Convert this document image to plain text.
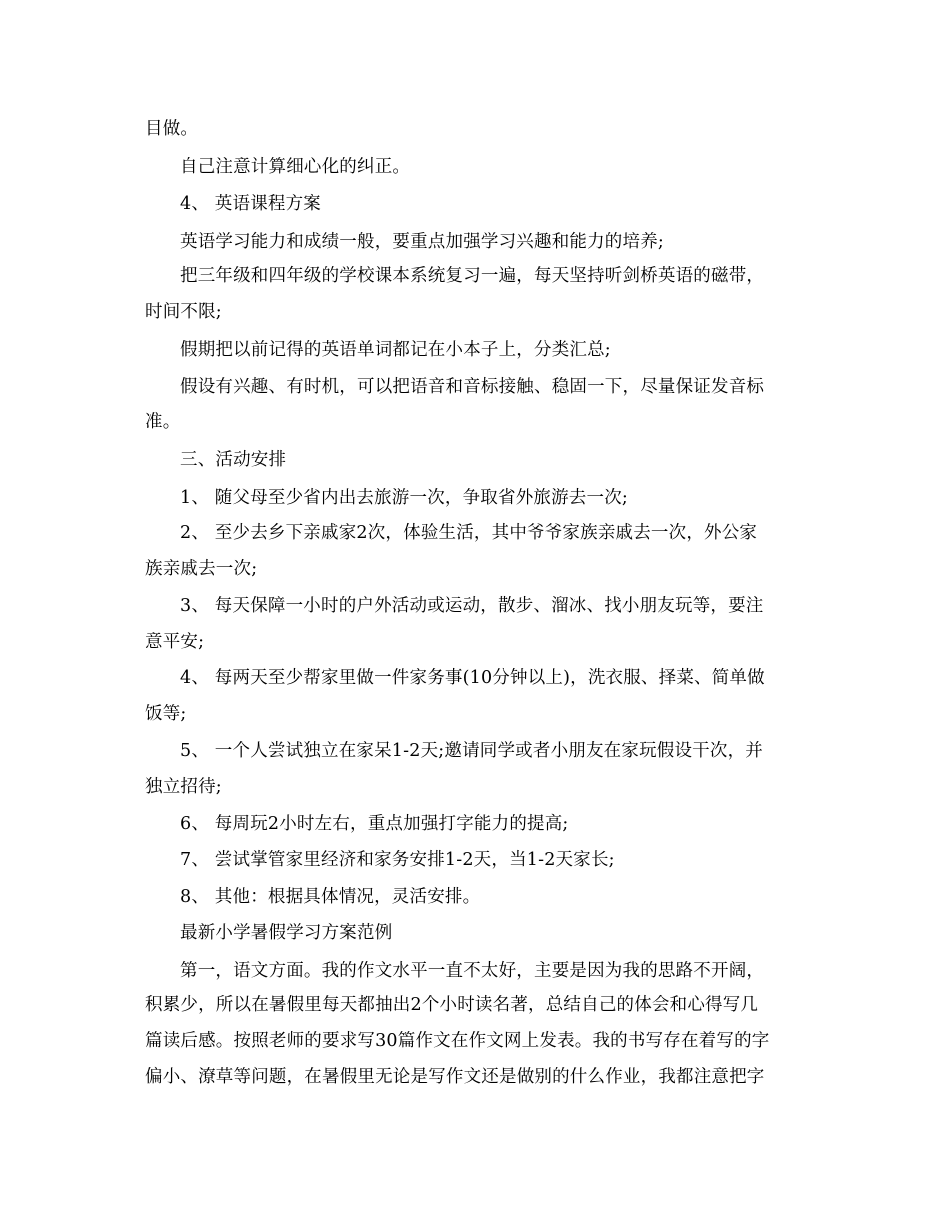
目做。
自己注意计算细心化的纠正。
4、 英语课程方案
英语学习能力和成绩一般，要重点加强学习兴趣和能力的培养;
把三年级和四年级的学校课本系统复习一遍，每天坚持听剑桥英语的磁带，
时间不限;
假期把以前记得的英语单词都记在小本子上，分类汇总;
假设有兴趣、有时机，可以把语音和音标接触、稳固一下，尽量保证发音标
准。
三、活动安排
1、 随父母至少省内出去旅游一次，争取省外旅游去一次;
2、 至少去乡下亲戚家2次，体验生活，其中爷爷家族亲戚去一次，外公家
族亲戚去一次;
3、 每天保障一小时的户外活动或运动，散步、溜冰、找小朋友玩等，要注
意平安;
4、 每两天至少帮家里做一件家务事(10分钟以上)，洗衣服、择菜、简单做
饭等;
5、 一个人尝试独立在家呆1-2天;邀请同学或者小朋友在家玩假设干次，并
独立招待;
6、 每周玩2小时左右，重点加强打字能力的提高;
7、 尝试掌管家里经济和家务安排1-2天，当1-2天家长;
8、 其他：根据具体情况，灵活安排。
最新小学暑假学习方案范例
第一，语文方面。我的作文水平一直不太好，主要是因为我的思路不开阔，
积累少，所以在暑假里每天都抽出2个小时读名著，总结自己的体会和心得写几
篇读后感。按照老师的要求写30篇作文在作文网上发表。我的书写存在着写的字
偏小、潦草等问题，在暑假里无论是写作文还是做别的什么作业，我都注意把字
